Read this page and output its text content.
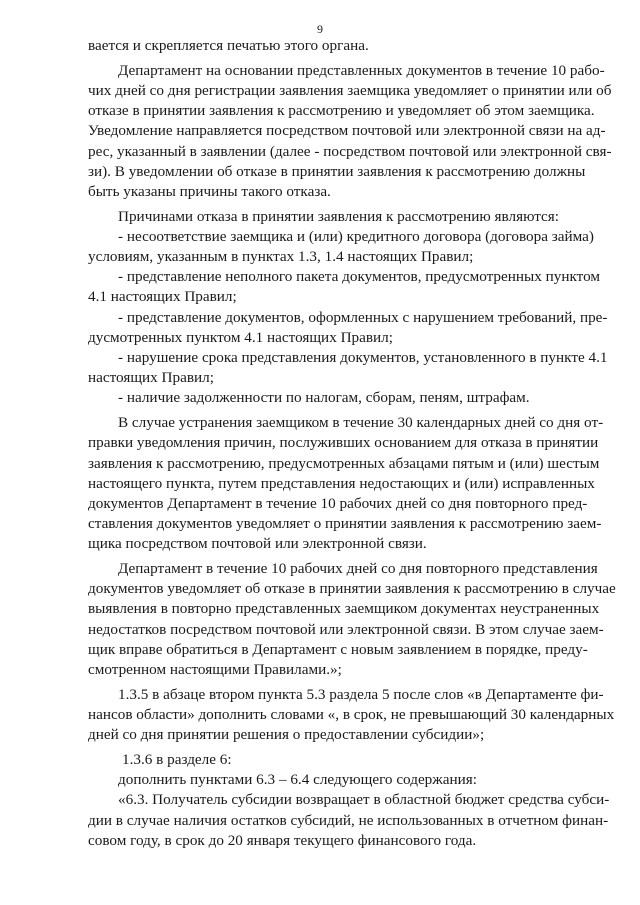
9
вается и скрепляется печатью этого органа.
Департамент на основании представленных документов в течение 10 рабо-
чих дней со дня регистрации заявления заемщика уведомляет о принятии или об
отказе в принятии заявления к рассмотрению и уведомляет об этом заемщика.
Уведомление направляется посредством почтовой или электронной связи на ад-
рес, указанный в заявлении (далее - посредством почтовой или электронной свя-
зи). В уведомлении об отказе в принятии заявления к рассмотрению должны
быть указаны причины такого отказа.
Причинами отказа в принятии заявления к рассмотрению являются:
- несоответствие заемщика и (или) кредитного договора (договора займа)
условиям, указанным в пунктах 1.3, 1.4 настоящих Правил;
- представление неполного пакета документов, предусмотренных пунктом
4.1 настоящих Правил;
- представление документов, оформленных с нарушением требований, пре-
дусмотренных пунктом 4.1 настоящих Правил;
- нарушение срока представления документов, установленного в пункте 4.1
настоящих Правил;
- наличие задолженности по налогам, сборам, пеням, штрафам.
В случае устранения заемщиком в течение 30 календарных дней со дня от-
правки уведомления причин, послуживших основанием для отказа в принятии
заявления к рассмотрению, предусмотренных абзацами пятым и (или) шестым
настоящего пункта, путем представления недостающих и (или) исправленных
документов Департамент в течение 10 рабочих дней со дня повторного пред-
ставления документов уведомляет о принятии заявления к рассмотрению заем-
щика посредством почтовой или электронной связи.
Департамент в течение 10 рабочих дней со дня повторного представления
документов уведомляет об отказе в принятии заявления к рассмотрению в случае
выявления в повторно представленных заемщиком документах неустраненных
недостатков посредством почтовой или электронной связи. В этом случае заем-
щик вправе обратиться в Департамент с новым заявлением в порядке, преду-
смотренном настоящими Правилами.»;
1.3.5 в абзаце втором пункта 5.3 раздела 5 после слов «в Департаменте фи-
нансов области» дополнить словами «, в срок, не превышающий 30 календарных
дней со дня принятии решения о предоставлении субсидии»;
1.3.6 в разделе 6:
дополнить пунктами 6.3 – 6.4 следующего содержания:
«6.3. Получатель субсидии возвращает в областной бюджет средства субси-
дии в случае наличия остатков субсидий, не использованных в отчетном финан-
совом году, в срок до 20 января текущего финансового года.
